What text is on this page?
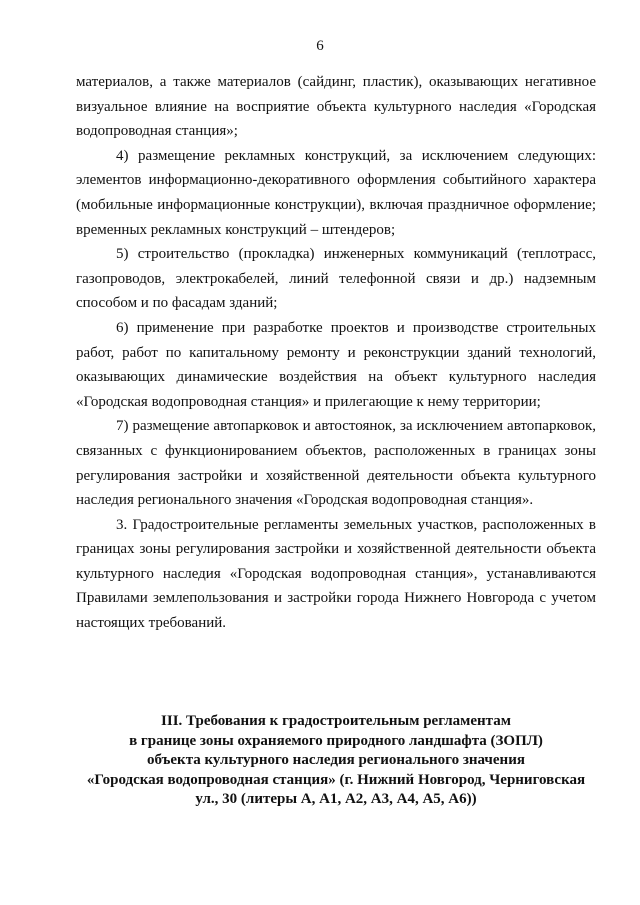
6

материалов, а также материалов (сайдинг, пластик), оказывающих негативное визуальное влияние на восприятие объекта культурного наследия «Городская водопроводная станция»;

4) размещение рекламных конструкций, за исключением следующих: элементов информационно-декоративного оформления событийного характера (мобильные информационные конструкции), включая праздничное оформление; временных рекламных конструкций – штендеров;

5) строительство (прокладка) инженерных коммуникаций (теплотрасс, газопроводов, электрокабелей, линий телефонной связи и др.) надземным способом и по фасадам зданий;

6) применение при разработке проектов и производстве строительных работ, работ по капитальному ремонту и реконструкции зданий технологий, оказывающих динамические воздействия на объект культурного наследия «Городская водопроводная станция» и прилегающие к нему территории;

7) размещение автопарковок и автостоянок, за исключением автопарковок, связанных с функционированием объектов, расположенных в границах зоны регулирования застройки и хозяйственной деятельности объекта культурного наследия регионального значения «Городская водопроводная станция».

3. Градостроительные регламенты земельных участков, расположенных в границах зоны регулирования застройки и хозяйственной деятельности объекта культурного наследия «Городская водопроводная станция», устанавливаются Правилами землепользования и застройки города Нижнего Новгорода с учетом настоящих требований.

III. Требования к градостроительным регламентам
в границе зоны охраняемого природного ландшафта (ЗОПЛ)
объекта культурного наследия регионального значения
«Городская водопроводная станция» (г. Нижний Новгород, Черниговская
ул., 30 (литеры А, А1, А2, А3, А4, А5, А6))
